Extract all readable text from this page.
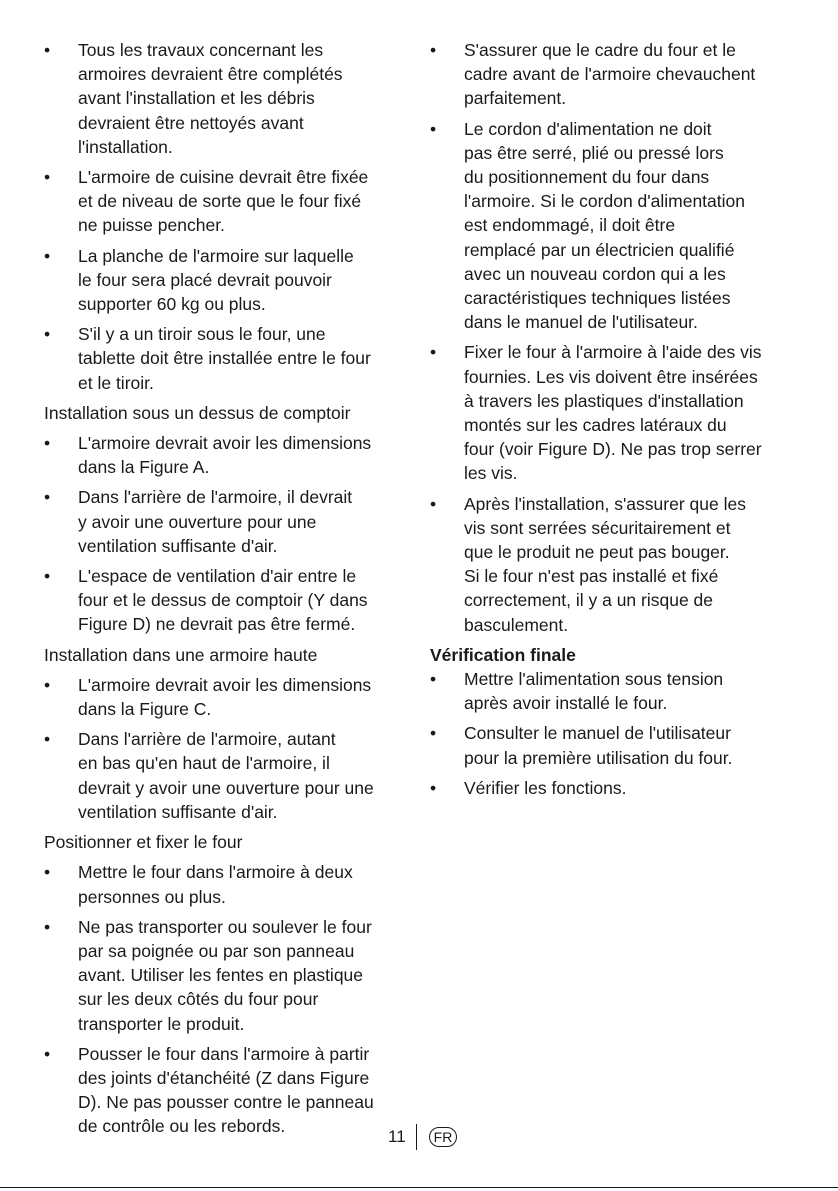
• Tous les travaux concernant les
armoires devraient être complétés
avant l'installation et les débris
devraient être nettoyés avant
l'installation.
• L'armoire de cuisine devrait être fixée
et de niveau de sorte que le four fixé
ne puisse pencher.
• La planche de l'armoire sur laquelle
le four sera placé devrait pouvoir
supporter 60 kg ou plus.
• S'il y a un tiroir sous le four, une
tablette doit être installée entre le four
et le tiroir.
Installation sous un dessus de comptoir
• L'armoire devrait avoir les dimensions
dans la Figure A.
• Dans l'arrière de l'armoire, il devrait
y avoir une ouverture pour une
ventilation suffisante d'air.
• L'espace de ventilation d'air entre le
four et le dessus de comptoir (Y dans
Figure D) ne devrait pas être fermé.
Installation dans une armoire haute
• L'armoire devrait avoir les dimensions
dans la Figure C.
• Dans l'arrière de l'armoire, autant
en bas qu'en haut de l'armoire, il
devrait y avoir une ouverture pour une
ventilation suffisante d'air.
Positionner et fixer le four
• Mettre le four dans l'armoire à deux
personnes ou plus.
• Ne pas transporter ou soulever le four
par sa poignée ou par son panneau
avant. Utiliser les fentes en plastique
sur les deux côtés du four pour
transporter le produit.
• Pousser le four dans l'armoire à partir
des joints d'étanchéité (Z dans Figure
D). Ne pas pousser contre le panneau
de contrôle ou les rebords.
• S'assurer que le cadre du four et le
cadre avant de l'armoire chevauchent
parfaitement.
• Le cordon d'alimentation ne doit
pas être serré, plié ou pressé lors
du positionnement du four dans
l'armoire. Si le cordon d'alimentation
est endommagé, il doit être
remplacé par un électricien qualifié
avec un nouveau cordon qui a les
caractéristiques techniques listées
dans le manuel de l'utilisateur.
• Fixer le four à l'armoire à l'aide des vis
fournies. Les vis doivent être insérées
à travers les plastiques d'installation
montés sur les cadres latéraux du
four (voir Figure D). Ne pas trop serrer
les vis.
• Après l'installation, s'assurer que les
vis sont serrées sécuritairement et
que le produit ne peut pas bouger.
Si le four n'est pas installé et fixé
correctement, il y a un risque de
basculement.
Vérification finale
• Mettre l'alimentation sous tension
après avoir installé le four.
• Consulter le manuel de l'utilisateur
pour la première utilisation du four.
• Vérifier les fonctions.
11	FR
